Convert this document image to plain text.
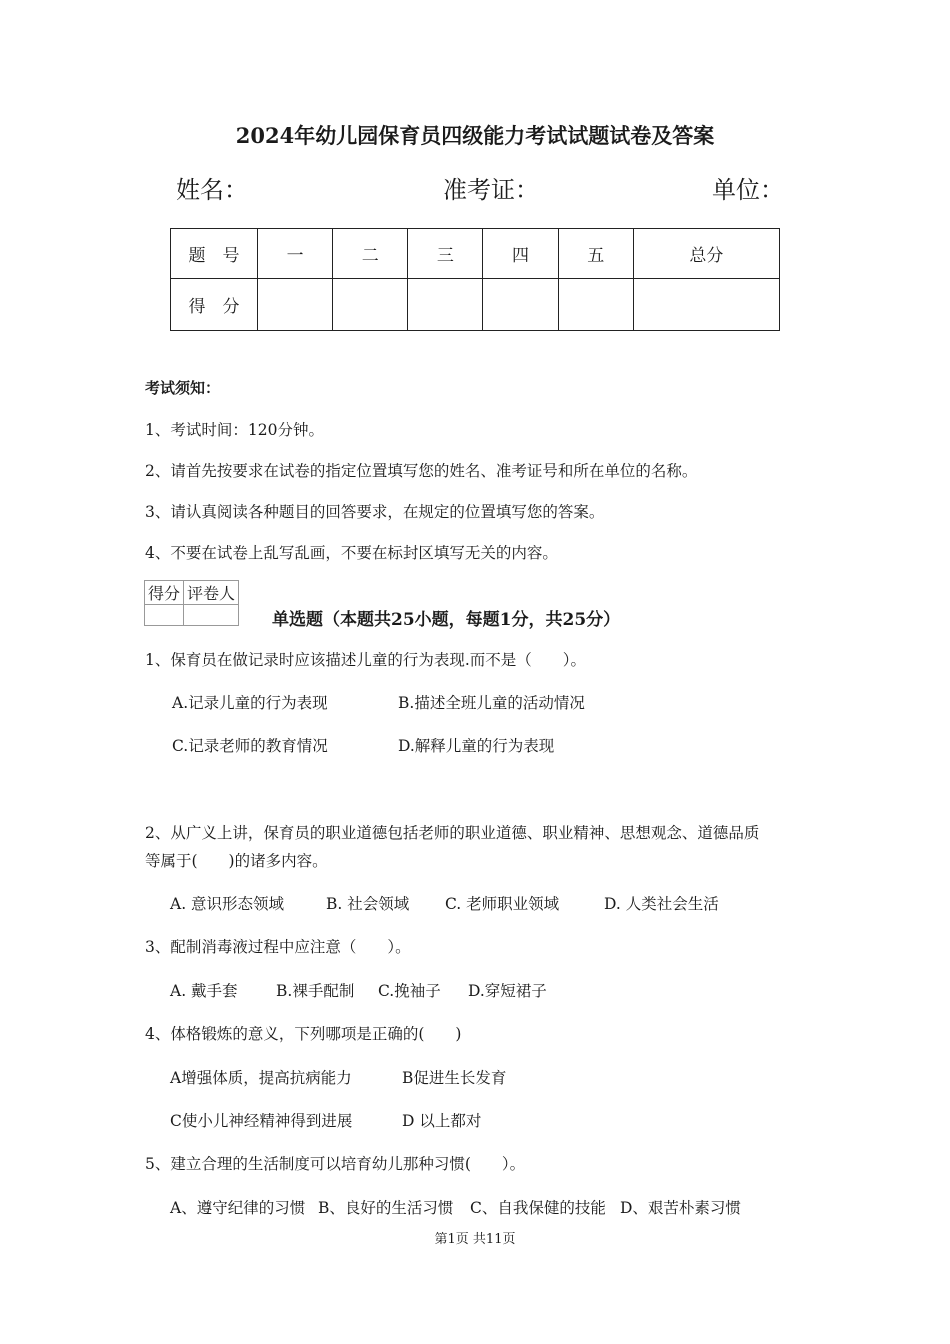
2024年幼儿园保育员四级能力考试试题试卷及答案
姓名：	准考证：	单位：
题　号	一	二	三	四	五	总分
得　分						
考试须知：
1、考试时间：120分钟。
2、请首先按要求在试卷的指定位置填写您的姓名、准考证号和所在单位的名称。
3、请认真阅读各种题目的回答要求，在规定的位置填写您的答案。
4、不要在试卷上乱写乱画，不要在标封区填写无关的内容。
得分	评卷人

单选题（本题共25小题，每题1分，共25分）
1、保育员在做记录时应该描述儿童的行为表现.而不是（　　）。
A.记录儿童的行为表现	B.描述全班儿童的活动情况
C.记录老师的教育情况	D.解释儿童的行为表现
2、从广义上讲，保育员的职业道德包括老师的职业道德、职业精神、思想观念、道德品质
等属于(　　)的诸多内容。
A. 意识形态领域	B. 社会领域 C. 老师职业领域	D. 人类社会生活
3、配制消毒液过程中应注意（　　）。
A. 戴手套 B.裸手配制 C.挽袖子 D.穿短裙子
4、体格锻炼的意义，下列哪项是正确的(　　)
A增强体质，提高抗病能力	B促进生长发育
C使小儿神经精神得到进展	D 以上都对
5、建立合理的生活制度可以培育幼儿那种习惯(　　）。
A、遵守纪律的习惯 B、良好的生活习惯 C、自我保健的技能 D、艰苦朴素习惯
第1页 共11页
